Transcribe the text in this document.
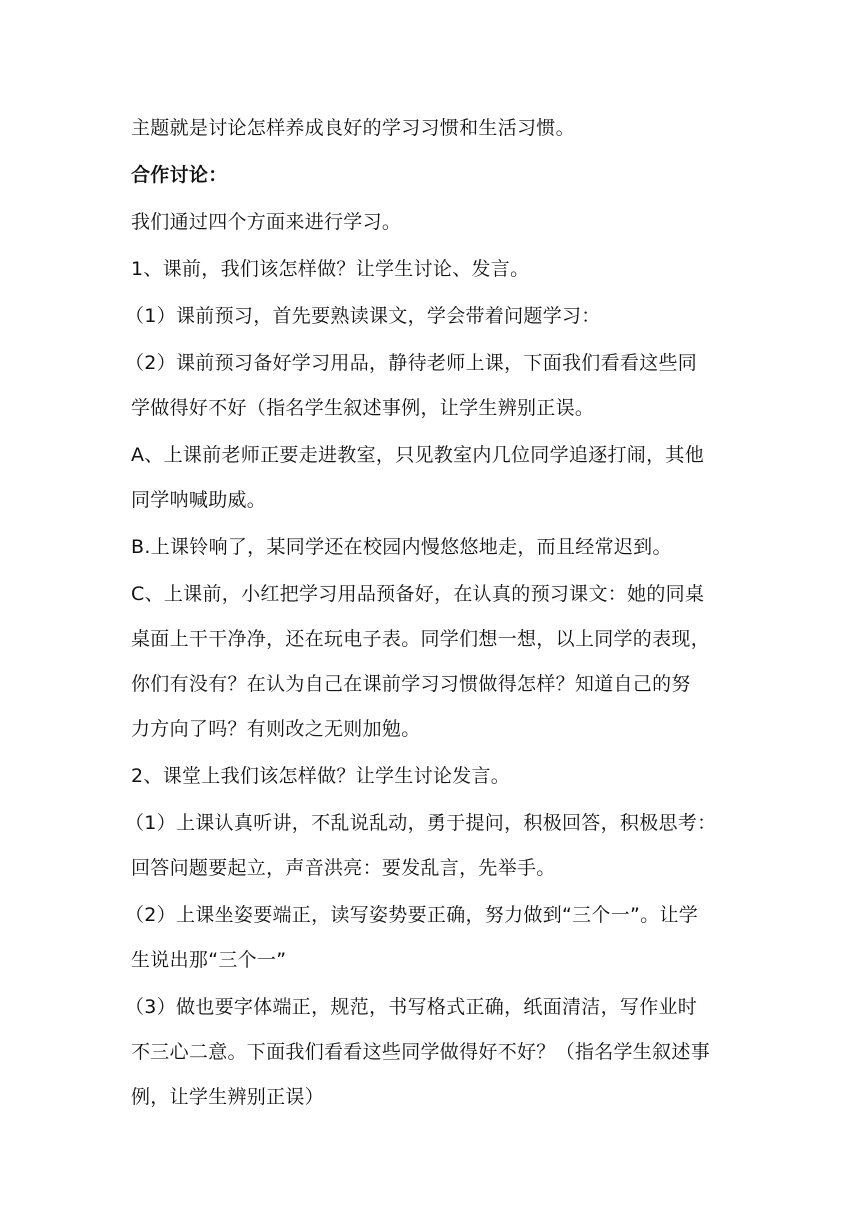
主题就是讨论怎样养成良好的学习习惯和生活习惯。
合作讨论：
我们通过四个方面来进行学习。
1、课前，我们该怎样做？让学生讨论、发言。
（1）课前预习，首先要熟读课文，学会带着问题学习：
（2）课前预习备好学习用品，静待老师上课，下面我们看看这些同
学做得好不好（指名学生叙述事例，让学生辨别正误。
A、上课前老师正要走进教室，只见教室内几位同学追逐打闹，其他
同学呐喊助威。
B.上课铃响了，某同学还在校园内慢悠悠地走，而且经常迟到。
C、上课前，小红把学习用品预备好，在认真的预习课文：她的同桌
桌面上干干净净，还在玩电子表。同学们想一想，以上同学的表现，
你们有没有？在认为自己在课前学习习惯做得怎样？知道自己的努
力方向了吗？有则改之无则加勉。
2、课堂上我们该怎样做？让学生讨论发言。
（1）上课认真听讲，不乱说乱动，勇于提问，积极回答，积极思考：
回答问题要起立，声音洪亮：要发乱言，先举手。
（2）上课坐姿要端正，读写姿势要正确，努力做到“三个一”。让学
生说出那“三个一”
（3）做也要字体端正，规范，书写格式正确，纸面清洁，写作业时
不三心二意。下面我们看看这些同学做得好不好？（指名学生叙述事
例，让学生辨别正误）
